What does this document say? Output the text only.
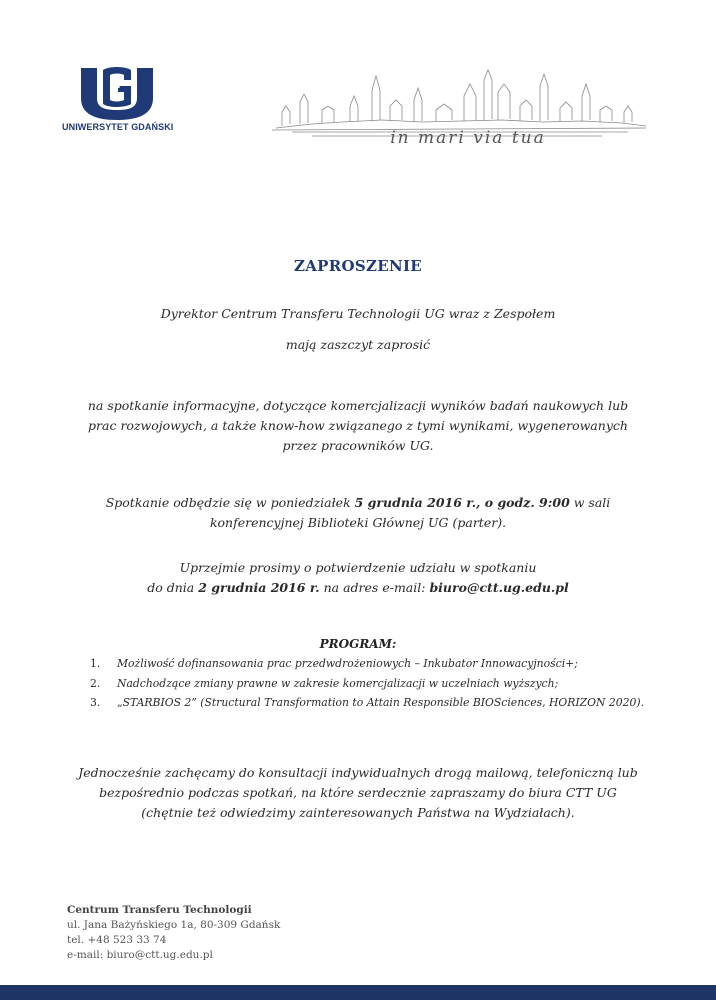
UNIWERSYTET GDAŃSKI
in mari via tua
ZAPROSZENIE
Dyrektor Centrum Transferu Technologii UG wraz z Zespołem
mają zaszczyt zaprosić
na spotkanie informacyjne, dotyczące komercjalizacji wyników badań naukowych lub
prac rozwojowych, a także know-how związanego z tymi wynikami, wygenerowanych
przez pracowników UG.
Spotkanie odbędzie się w poniedziałek 5 grudnia 2016 r., o godz. 9:00 w sali
konferencyjnej Biblioteki Głównej UG (parter).
Uprzejmie prosimy o potwierdzenie udziału w spotkaniu
do dnia 2 grudnia 2016 r. na adres e-mail: biuro@ctt.ug.edu.pl
PROGRAM:
1. Możliwość dofinansowania prac przedwdrożeniowych – Inkubator Innowacyjności+;
2. Nadchodzące zmiany prawne w zakresie komercjalizacji w uczelniach wyższych;
3. „STARBIOS 2” (Structural Transformation to Attain Responsible BIOSciences, HORIZON 2020).
Jednocześnie zachęcamy do konsultacji indywidualnych drogą mailową, telefoniczną lub
bezpośrednio podczas spotkań, na które serdecznie zapraszamy do biura CTT UG
(chętnie też odwiedzimy zainteresowanych Państwa na Wydziałach).
Centrum Transferu Technologii
ul. Jana Bażyńskiego 1a, 80-309 Gdańsk
tel. +48 523 33 74
e-mail: biuro@ctt.ug.edu.pl
